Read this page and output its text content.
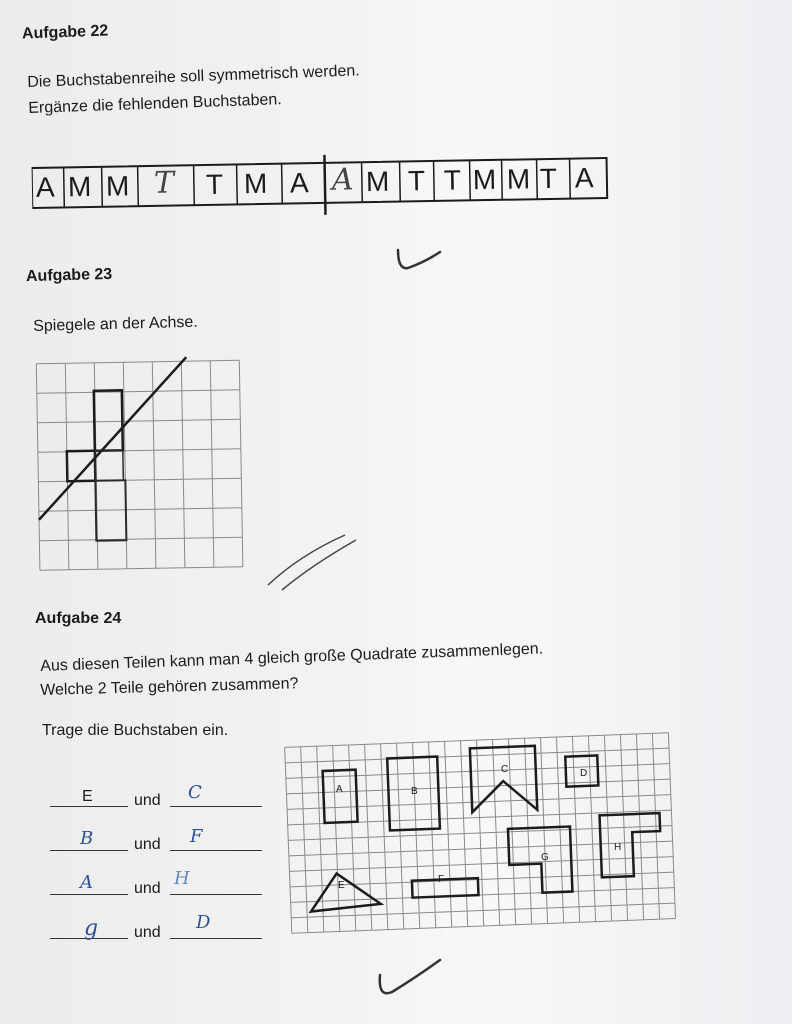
Aufgabe 22
Die Buchstabenreihe soll symmetrisch werden.
Ergänze die fehlenden Buchstaben.
A M M	T M A
T	A M T T M M A
T
Aufgabe 23
Spiegele an der Achse.
Aufgabe 24
Aus diesen Teilen kann man 4 gleich große Quadrate zusammenlegen.
Welche 2 Teile gehören zusammen?
Trage die Buchstaben ein.
E	und C
B	und F
A	und H
g und D
A	B
C	D
E
F
G
H
